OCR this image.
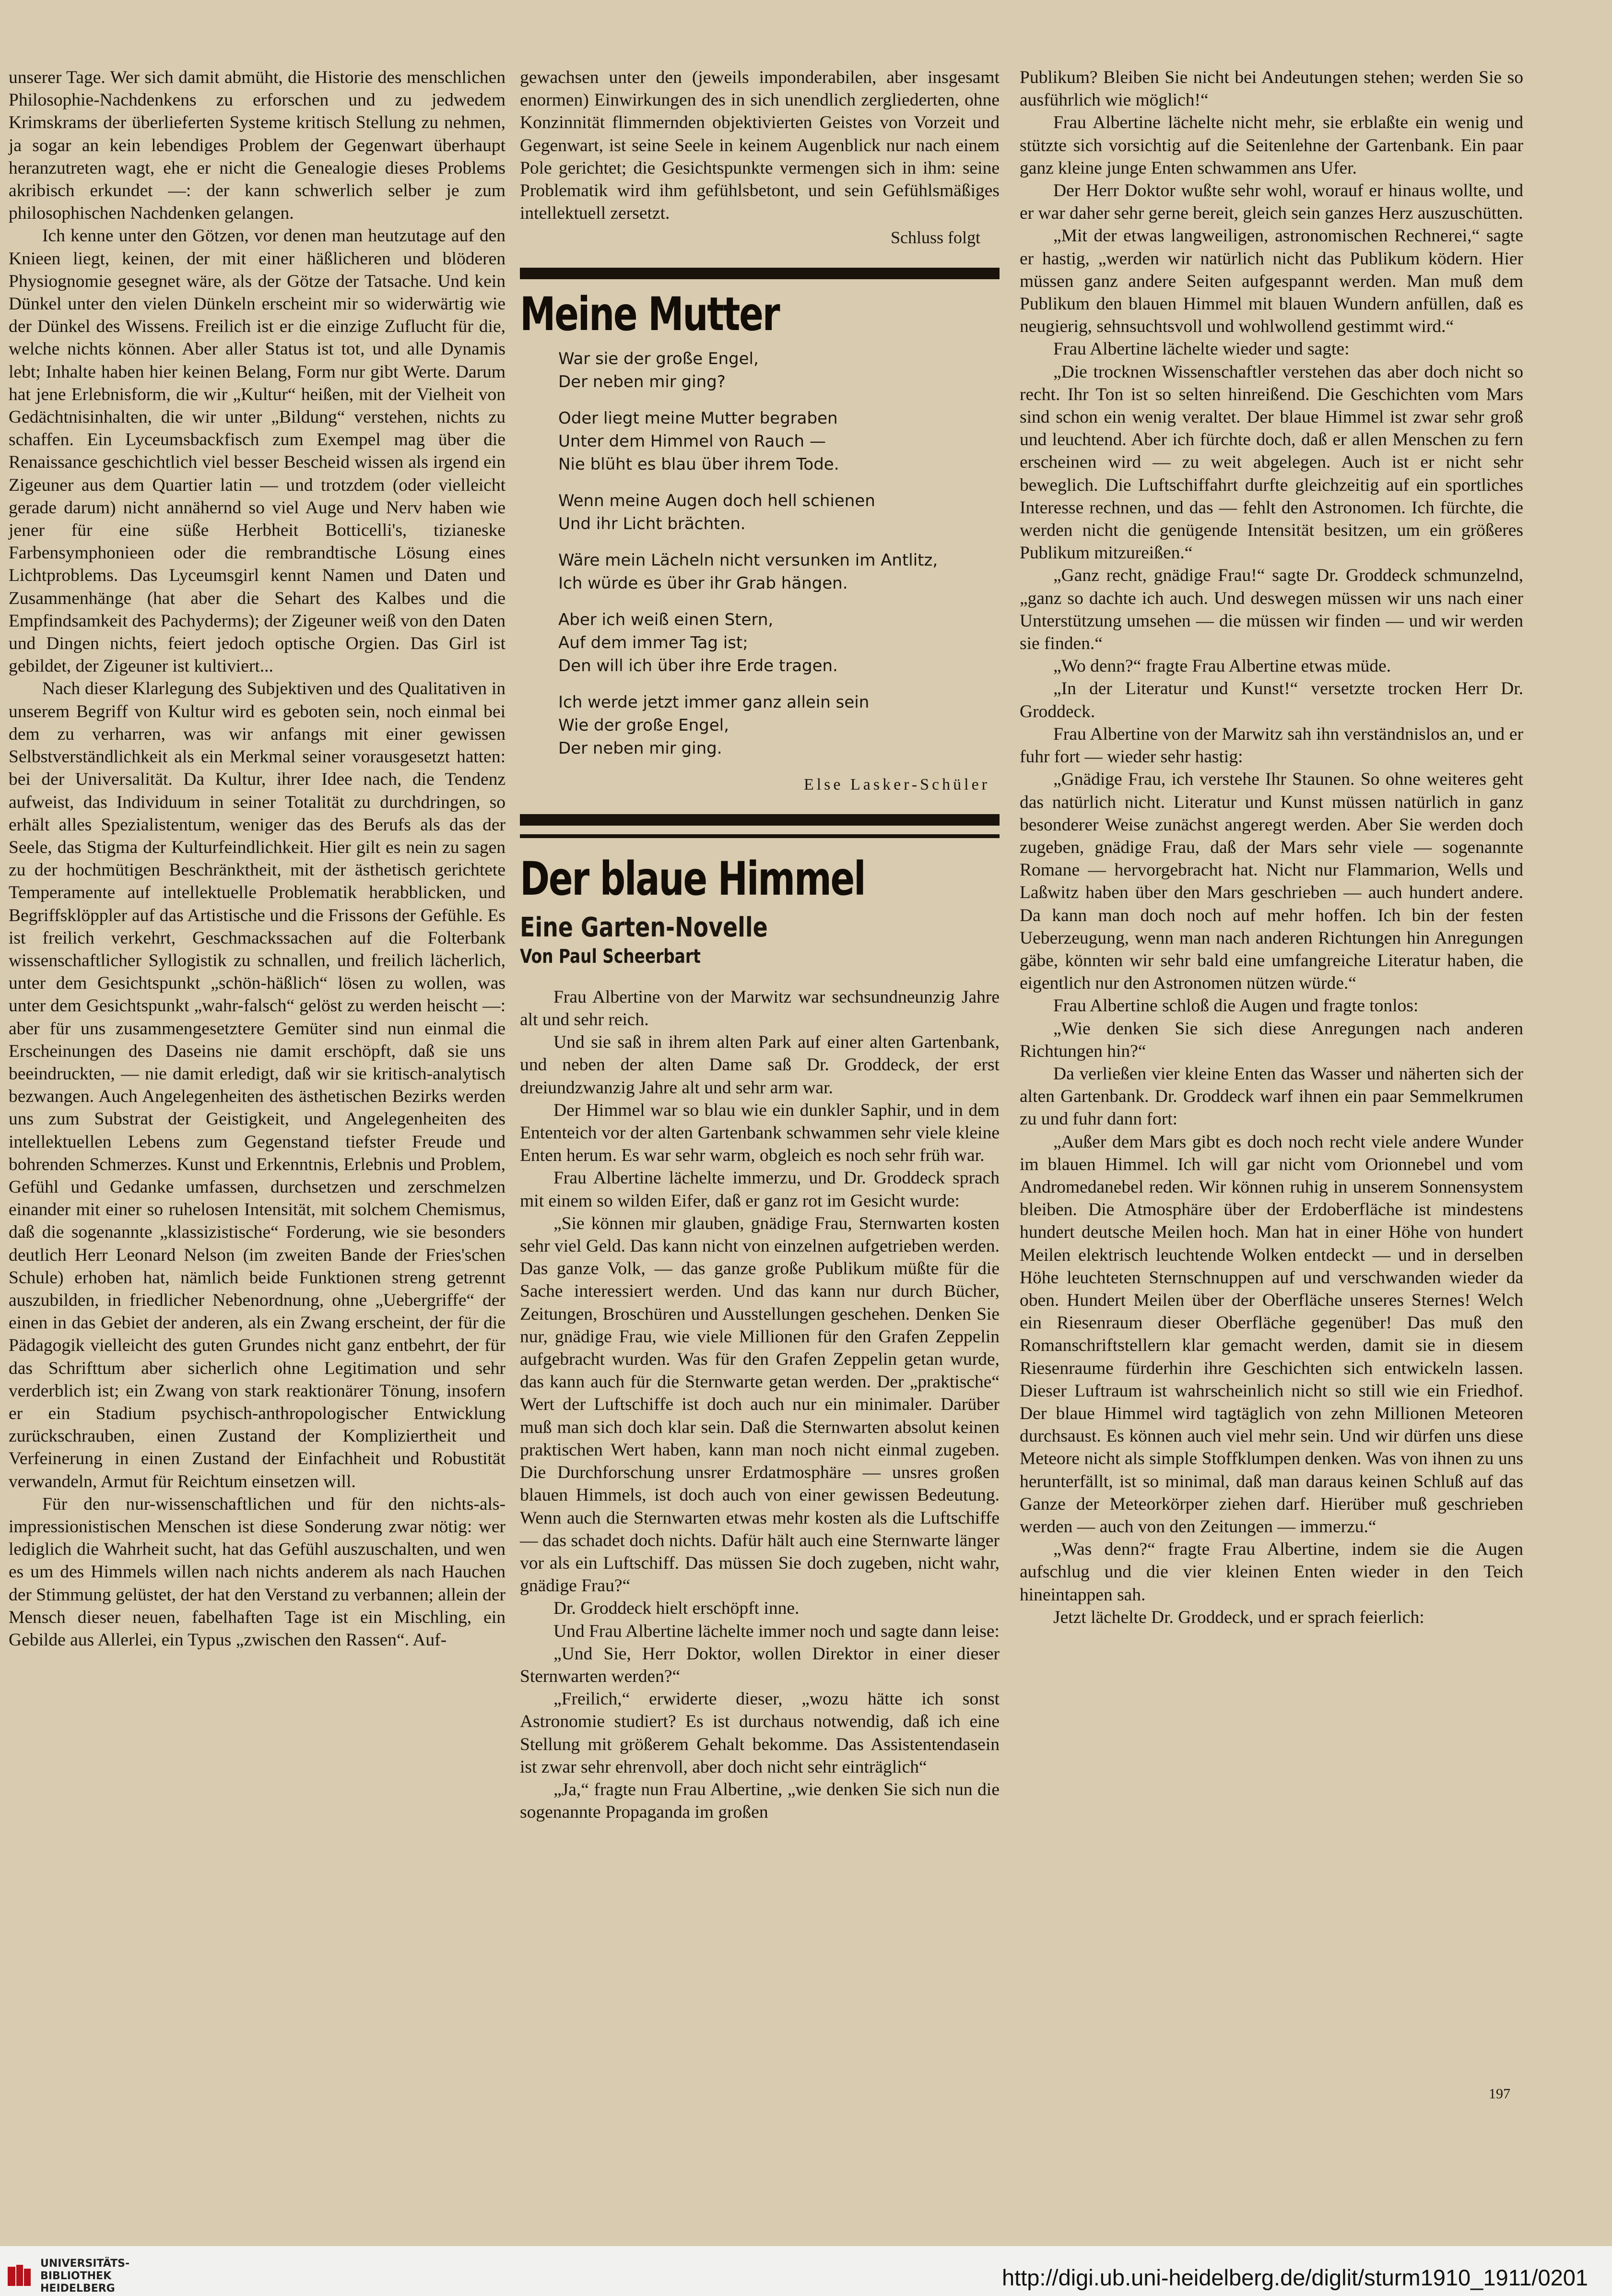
unserer Tage. Wer sich damit abmüht, die Historie des menschlichen Philosophie-Nachdenkens zu erforschen und zu jedwedem Krimskrams der überlieferten Systeme kritisch Stellung zu nehmen, ja sogar an kein lebendiges Problem der Gegenwart überhaupt heranzutreten wagt, ehe er nicht die Genealogie dieses Problems akribisch erkundet —: der kann schwerlich selber je zum philosophischen Nachdenken gelangen.

Ich kenne unter den Götzen, vor denen man heutzutage auf den Knieen liegt, keinen, der mit einer häßlicheren und blöderen Physiognomie gesegnet wäre, als der Götze der Tatsache. Und kein Dünkel unter den vielen Dünkeln erscheint mir so widerwärtig wie der Dünkel des Wissens. Freilich ist er die einzige Zuflucht für die, welche nichts können. Aber aller Status ist tot, und alle Dynamis lebt; Inhalte haben hier keinen Belang, Form nur gibt Werte. Darum hat jene Erlebnisform, die wir „Kultur“ heißen, mit der Vielheit von Gedächtnisinhalten, die wir unter „Bildung“ verstehen, nichts zu schaffen. Ein Lyceumsbackfisch zum Exempel mag über die Renaissance geschichtlich viel besser Bescheid wissen als irgend ein Zigeuner aus dem Quartier latin — und trotzdem (oder vielleicht gerade darum) nicht annähernd so viel Auge und Nerv haben wie jener für eine süße Herbheit Botticelli's, tizianeske Farbensymphonieen oder die rembrandtische Lösung eines Lichtproblems. Das Lyceumsgirl kennt Namen und Daten und Zusammenhänge (hat aber die Sehart des Kalbes und die Empfindsamkeit des Pachyderms); der Zigeuner weiß von den Daten und Dingen nichts, feiert jedoch optische Orgien. Das Girl ist gebildet, der Zigeuner ist kultiviert...

Nach dieser Klarlegung des Subjektiven und des Qualitativen in unserem Begriff von Kultur wird es geboten sein, noch einmal bei dem zu verharren, was wir anfangs mit einer gewissen Selbstverständlichkeit als ein Merkmal seiner vorausgesetzt hatten: bei der Universalität. Da Kultur, ihrer Idee nach, die Tendenz aufweist, das Individuum in seiner Totalität zu durchdringen, so erhält alles Spezialistentum, weniger das des Berufs als das der Seele, das Stigma der Kulturfeindlichkeit. Hier gilt es nein zu sagen zu der hochmütigen Beschränktheit, mit der ästhetisch gerichtete Temperamente auf intellektuelle Problematik herabblicken, und Begriffsklöppler auf das Artistische und die Frissons der Gefühle. Es ist freilich verkehrt, Geschmackssachen auf die Folterbank wissenschaftlicher Syllogistik zu schnallen, und freilich lächerlich, unter dem Gesichtspunkt „schön-häßlich“ lösen zu wollen, was unter dem Gesichtspunkt „wahr-falsch“ gelöst zu werden heischt —: aber für uns zusammengesetztere Gemüter sind nun einmal die Erscheinungen des Daseins nie damit erschöpft, daß sie uns beeindruckten, — nie damit erledigt, daß wir sie kritisch-analytisch bezwangen. Auch Angelegenheiten des ästhetischen Bezirks werden uns zum Substrat der Geistigkeit, und Angelegenheiten des intellektuellen Lebens zum Gegenstand tiefster Freude und bohrenden Schmerzes. Kunst und Erkenntnis, Erlebnis und Problem, Gefühl und Gedanke umfassen, durchsetzen und zerschmelzen einander mit einer so ruhelosen Intensität, mit solchem Chemismus, daß die sogenannte „klassizistische“ Forderung, wie sie besonders deutlich Herr Leonard Nelson (im zweiten Bande der Fries'schen Schule) erhoben hat, nämlich beide Funktionen streng getrennt auszubilden, in friedlicher Nebenordnung, ohne „Uebergriffe“ der einen in das Gebiet der anderen, als ein Zwang erscheint, der für die Pädagogik vielleicht des guten Grundes nicht ganz entbehrt, der für das Schrifttum aber sicherlich ohne Legitimation und sehr verderblich ist; ein Zwang von stark reaktionärer Tönung, insofern er ein Stadium psychisch-anthropologischer Entwicklung zurückschrauben, einen Zustand der Kompliziertheit und Verfeinerung in einen Zustand der Einfachheit und Robustität verwandeln, Armut für Reichtum einsetzen will.

Für den nur-wissenschaftlichen und für den nichts-als-impressionistischen Menschen ist diese Sonderung zwar nötig: wer lediglich die Wahrheit sucht, hat das Gefühl auszuschalten, und wen es um des Himmels willen nach nichts anderem als nach Hauchen der Stimmung gelüstet, der hat den Verstand zu verbannen; allein der Mensch dieser neuen, fabelhaften Tage ist ein Mischling, ein Gebilde aus Allerlei, ein Typus „zwischen den Rassen“. Auf-

gewachsen unter den (jeweils imponderabilen, aber insgesamt enormen) Einwirkungen des in sich unendlich zergliederten, ohne Konzinnität flimmernden objektivierten Geistes von Vorzeit und Gegenwart, ist seine Seele in keinem Augenblick nur nach einem Pole gerichtet; die Gesichtspunkte vermengen sich in ihm: seine Problematik wird ihm gefühlsbetont, und sein Gefühlsmäßiges intellektuell zersetzt.

Schluss folgt
Meine Mutter
War sie der große Engel,
Der neben mir ging?
Oder liegt meine Mutter begraben
Unter dem Himmel von Rauch —
Nie blüht es blau über ihrem Tode.
Wenn meine Augen doch hell schienen
Und ihr Licht brächten.
Wäre mein Lächeln nicht versunken im Antlitz,
Ich würde es über ihr Grab hängen.
Aber ich weiß einen Stern,
Auf dem immer Tag ist;
Den will ich über ihre Erde tragen.
Ich werde jetzt immer ganz allein sein
Wie der große Engel,
Der neben mir ging.
Else Lasker-Schüler
Der blaue Himmel
Eine Garten-Novelle
Von Paul Scheerbart

Frau Albertine von der Marwitz war sechsundneunzig Jahre alt und sehr reich.

Und sie saß in ihrem alten Park auf einer alten Gartenbank, und neben der alten Dame saß Dr. Groddeck, der erst dreiundzwanzig Jahre alt und sehr arm war.

Der Himmel war so blau wie ein dunkler Saphir, und in dem Ententeich vor der alten Gartenbank schwammen sehr viele kleine Enten herum. Es war sehr warm, obgleich es noch sehr früh war.

Frau Albertine lächelte immerzu, und Dr. Groddeck sprach mit einem so wilden Eifer, daß er ganz rot im Gesicht wurde:

„Sie können mir glauben, gnädige Frau, Sternwarten kosten sehr viel Geld. Das kann nicht von einzelnen aufgetrieben werden. Das ganze Volk, — das ganze große Publikum müßte für die Sache interessiert werden. Und das kann nur durch Bücher, Zeitungen, Broschüren und Ausstellungen geschehen. Denken Sie nur, gnädige Frau, wie viele Millionen für den Grafen Zeppelin aufgebracht wurden. Was für den Grafen Zeppelin getan wurde, das kann auch für die Sternwarte getan werden. Der „praktische“ Wert der Luftschiffe ist doch auch nur ein minimaler. Darüber muß man sich doch klar sein. Daß die Sternwarten absolut keinen praktischen Wert haben, kann man noch nicht einmal zugeben. Die Durchforschung unsrer Erdatmosphäre — unsres großen blauen Himmels, ist doch auch von einer gewissen Bedeutung. Wenn auch die Sternwarten etwas mehr kosten als die Luftschiffe — das schadet doch nichts. Dafür hält auch eine Sternwarte länger vor als ein Luftschiff. Das müssen Sie doch zugeben, nicht wahr, gnädige Frau?“

Dr. Groddeck hielt erschöpft inne.

Und Frau Albertine lächelte immer noch und sagte dann leise:

„Und Sie, Herr Doktor, wollen Direktor in einer dieser Sternwarten werden?“

„Freilich,“ erwiderte dieser, „wozu hätte ich sonst Astronomie studiert? Es ist durchaus notwendig, daß ich eine Stellung mit größerem Gehalt bekomme. Das Assistentendasein ist zwar sehr ehrenvoll, aber doch nicht sehr einträglich“

„Ja,“ fragte nun Frau Albertine, „wie denken Sie sich nun die sogenannte Propaganda im großen

Publikum? Bleiben Sie nicht bei Andeutungen stehen; werden Sie so ausführlich wie möglich!“

Frau Albertine lächelte nicht mehr, sie erblaßte ein wenig und stützte sich vorsichtig auf die Seitenlehne der Gartenbank. Ein paar ganz kleine junge Enten schwammen ans Ufer.

Der Herr Doktor wußte sehr wohl, worauf er hinaus wollte, und er war daher sehr gerne bereit, gleich sein ganzes Herz auszuschütten.

„Mit der etwas langweiligen, astronomischen Rechnerei,“ sagte er hastig, „werden wir natürlich nicht das Publikum ködern. Hier müssen ganz andere Seiten aufgespannt werden. Man muß dem Publikum den blauen Himmel mit blauen Wundern anfüllen, daß es neugierig, sehnsuchtsvoll und wohlwollend gestimmt wird.“

Frau Albertine lächelte wieder und sagte:

„Die trocknen Wissenschaftler verstehen das aber doch nicht so recht. Ihr Ton ist so selten hinreißend. Die Geschichten vom Mars sind schon ein wenig veraltet. Der blaue Himmel ist zwar sehr groß und leuchtend. Aber ich fürchte doch, daß er allen Menschen zu fern erscheinen wird — zu weit abgelegen. Auch ist er nicht sehr beweglich. Die Luftschiffahrt durfte gleichzeitig auf ein sportliches Interesse rechnen, und das — fehlt den Astronomen. Ich fürchte, die werden nicht die genügende Intensität besitzen, um ein größeres Publikum mitzureißen.“

„Ganz recht, gnädige Frau!“ sagte Dr. Groddeck schmunzelnd, „ganz so dachte ich auch. Und deswegen müssen wir uns nach einer Unterstützung umsehen — die müssen wir finden — und wir werden sie finden.“

„Wo denn?“ fragte Frau Albertine etwas müde.

„In der Literatur und Kunst!“ versetzte trocken Herr Dr. Groddeck.

Frau Albertine von der Marwitz sah ihn verständnislos an, und er fuhr fort — wieder sehr hastig:

„Gnädige Frau, ich verstehe Ihr Staunen. So ohne weiteres geht das natürlich nicht. Literatur und Kunst müssen natürlich in ganz besonderer Weise zunächst angeregt werden. Aber Sie werden doch zugeben, gnädige Frau, daß der Mars sehr viele — sogenannte Romane — hervorgebracht hat. Nicht nur Flammarion, Wells und Laßwitz haben über den Mars geschrieben — auch hundert andere. Da kann man doch noch auf mehr hoffen. Ich bin der festen Ueberzeugung, wenn man nach anderen Richtungen hin Anregungen gäbe, könnten wir sehr bald eine umfangreiche Literatur haben, die eigentlich nur den Astronomen nützen würde.“

Frau Albertine schloß die Augen und fragte tonlos:

„Wie denken Sie sich diese Anregungen nach anderen Richtungen hin?“

Da verließen vier kleine Enten das Wasser und näherten sich der alten Gartenbank. Dr. Groddeck warf ihnen ein paar Semmelkrumen zu und fuhr dann fort:

„Außer dem Mars gibt es doch noch recht viele andere Wunder im blauen Himmel. Ich will gar nicht vom Orionnebel und vom Andromedanebel reden. Wir können ruhig in unserem Sonnensystem bleiben. Die Atmosphäre über der Erdoberfläche ist mindestens hundert deutsche Meilen hoch. Man hat in einer Höhe von hundert Meilen elektrisch leuchtende Wolken entdeckt — und in derselben Höhe leuchteten Sternschnuppen auf und verschwanden wieder da oben. Hundert Meilen über der Oberfläche unseres Sternes! Welch ein Riesenraum dieser Oberfläche gegenüber! Das muß den Romanschriftstellern klar gemacht werden, damit sie in diesem Riesenraume fürderhin ihre Geschichten sich entwickeln lassen. Dieser Luftraum ist wahrscheinlich nicht so still wie ein Friedhof. Der blaue Himmel wird tagtäglich von zehn Millionen Meteoren durchsaust. Es können auch viel mehr sein. Und wir dürfen uns diese Meteore nicht als simple Stoffklumpen denken. Was von ihnen zu uns herunterfällt, ist so minimal, daß man daraus keinen Schluß auf das Ganze der Meteorkörper ziehen darf. Hierüber muß geschrieben werden — auch von den Zeitungen — immerzu.“

„Was denn?“ fragte Frau Albertine, indem sie die Augen aufschlug und die vier kleinen Enten wieder in den Teich hineintappen sah.

Jetzt lächelte Dr. Groddeck, und er sprach feierlich:

197
UNIVERSITÄTS-
BIBLIOTHEK
HEIDELBERG	http://digi.ub.uni-heidelberg.de/diglit/sturm1910_1911/0201
